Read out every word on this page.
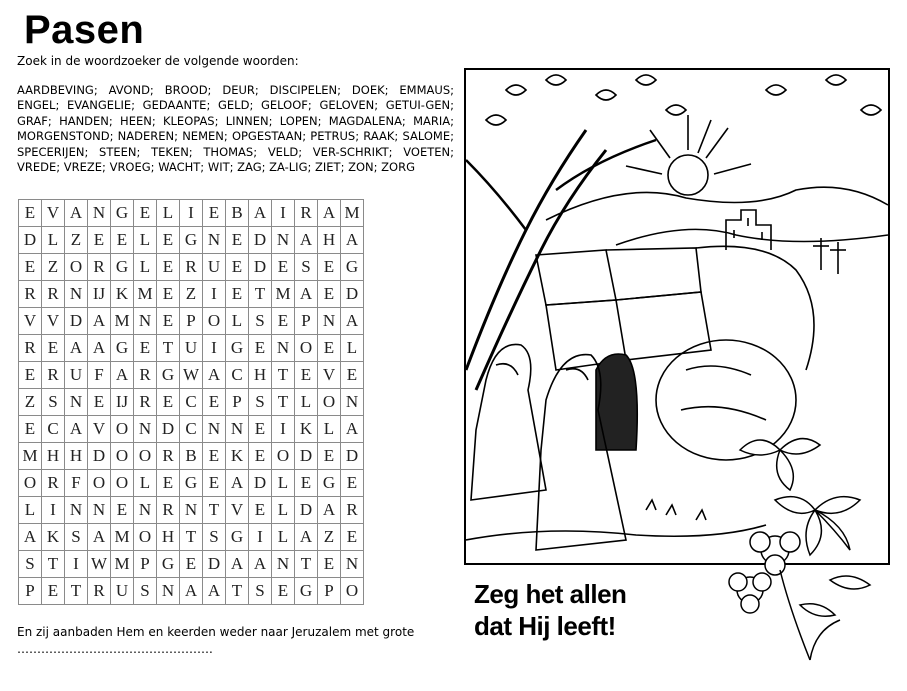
Pasen
Zoek in de woordzoeker de volgende woorden:
AARDBEVING; AVOND; BROOD; DEUR; DISCIPELEN; DOEK; EMMAUS; ENGEL; EVANGELIE; GEDAANTE; GELD; GELOOF; GELOVEN; GETUI-GEN; GRAF; HANDEN; HEEN; KLEOPAS; LINNEN; LOPEN; MAGDALENA; MARIA; MORGENSTOND; NADEREN; NEMEN; OPGESTAAN; PETRUS; RAAK; SALOME; SPECERIJEN; STEEN; TEKEN; THOMAS; VELD; VER-SCHRIKT; VOETEN; VREDE; VREZE; VROEG; WACHT; WIT; ZAG; ZA-LIG; ZIET; ZON; ZORG
E	V	A	N	G	E	L	I	E	B	A	I	R	A	M
D	L	Z	E	E	L	E	G	N	E	D	N	A	H	A
E	Z	O	R	G	L	E	R	U	E	D	E	S	E	G
R	R	N	IJ	K	M	E	Z	I	E	T	M	A	E	D
V	V	D	A	M	N	E	P	O	L	S	E	P	N	A
R	E	A	A	G	E	T	U	I	G	E	N	O	E	L
E	R	U	F	A	R	G	W	A	C	H	T	E	V	E
Z	S	N	E	IJ	R	E	C	E	P	S	T	L	O	N
E	C	A	V	O	N	D	C	N	N	E	I	K	L	A
M	H	H	D	O	O	R	B	E	K	E	O	D	E	D
O	R	F	O	O	L	E	G	E	A	D	L	E	G	E
L	I	N	N	E	N	R	N	T	V	E	L	D	A	R
A	K	S	A	M	O	H	T	S	G	I	L	A	Z	E
S	T	I	W	M	P	G	E	D	A	A	N	T	E	N
P	E	T	R	U	S	N	A	A	T	S	E	G	P	O
En zij aanbaden Hem en keerden weder naar Jeruzalem met grote ………………………………………….
Zeg het allen
dat Hij leeft!
